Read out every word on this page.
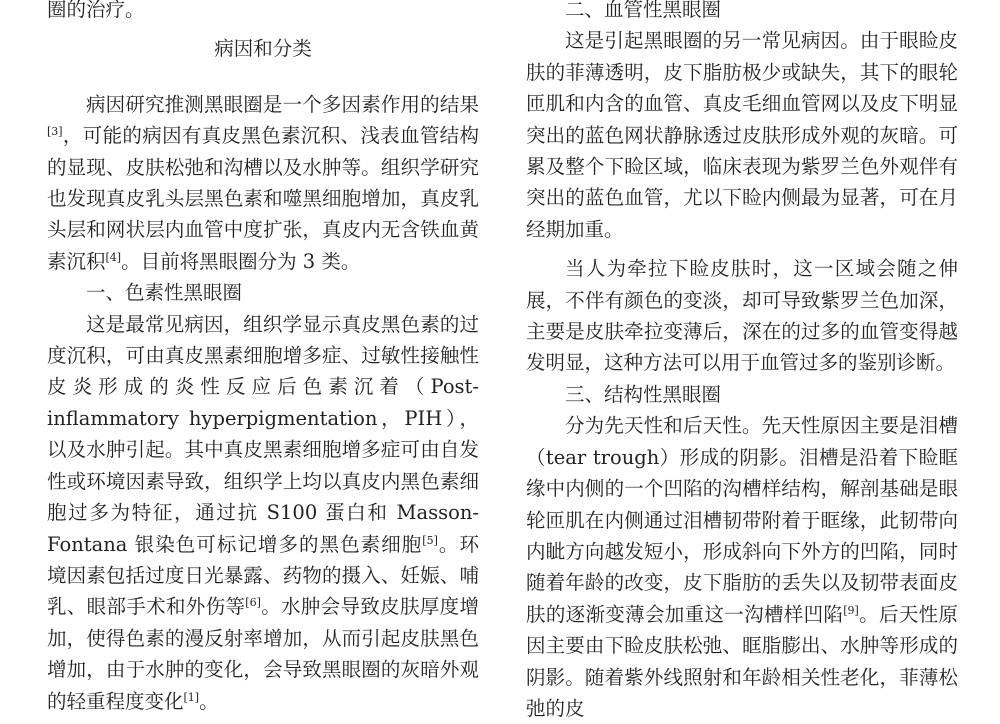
圈的治疗。

病因和分类

病因研究推测黑眼圈是一个多因素作用的结果[3]，可能的病因有真皮黑色素沉积、浅表血管结构的显现、皮肤松弛和沟槽以及水肿等。组织学研究也发现真皮乳头层黑色素和噬黑细胞增加，真皮乳头层和网状层内血管中度扩张，真皮内无含铁血黄素沉积[4]。目前将黑眼圈分为 3 类。

一、色素性黑眼圈

这是最常见病因，组织学显示真皮黑色素的过度沉积，可由真皮黑素细胞增多症、过敏性接触性皮炎形成的炎性反应后色素沉着（Post-inflammatory hyperpigmentation，PIH），以及水肿引起。其中真皮黑素细胞增多症可由自发性或环境因素导致，组织学上均以真皮内黑色素细胞过多为特征，通过抗 S100 蛋白和 Masson-Fontana 银染色可标记增多的黑色素细胞[5]。环境因素包括过度日光暴露、药物的摄入、妊娠、哺乳、眼部手术和外伤等[6]。水肿会导致皮肤厚度增加，使得色素的漫反射率增加，从而引起皮肤黑色增加，由于水肿的变化，会导致黑眼圈的灰暗外观的轻重程度变化[1]。

二、血管性黑眼圈

这是引起黑眼圈的另一常见病因。由于眼睑皮肤的菲薄透明，皮下脂肪极少或缺失，其下的眼轮匝肌和内含的血管、真皮毛细血管网以及皮下明显突出的蓝色网状静脉透过皮肤形成外观的灰暗。可累及整个下睑区域，临床表现为紫罗兰色外观伴有突出的蓝色血管，尤以下睑内侧最为显著，可在月经期加重。

当人为牵拉下睑皮肤时，这一区域会随之伸展，不伴有颜色的变淡，却可导致紫罗兰色加深，主要是皮肤牵拉变薄后，深在的过多的血管变得越发明显，这种方法可以用于血管过多的鉴别诊断。

三、结构性黑眼圈

分为先天性和后天性。先天性原因主要是泪槽（tear trough）形成的阴影。泪槽是沿着下睑眶缘中内侧的一个凹陷的沟槽样结构，解剖基础是眼轮匝肌在内侧通过泪槽韧带附着于眶缘，此韧带向内眦方向越发短小，形成斜向下外方的凹陷，同时随着年龄的改变，皮下脂肪的丢失以及韧带表面皮肤的逐渐变薄会加重这一沟槽样凹陷[9]。后天性原因主要由下睑皮肤松弛、眶脂膨出、水肿等形成的阴影。随着紫外线照射和年龄相关性老化，菲薄松弛的皮
